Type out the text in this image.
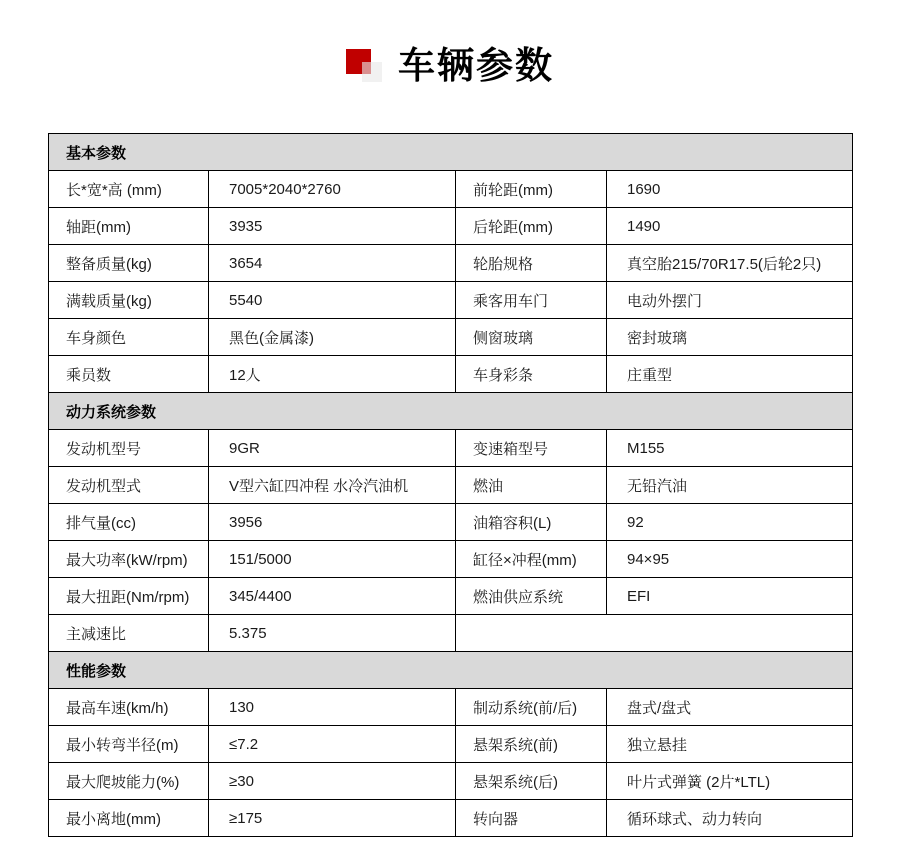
车辆参数
基本参数			
长*宽*高 (mm)	7005*2040*2760	前轮距(mm)	1690
轴距(mm)	3935	后轮距(mm)	1490
整备质量(kg)	3654	轮胎规格	真空胎215/70R17.5(后轮2只)
满载质量(kg)	5540	乘客用车门	电动外摆门
车身颜色	黑色(金属漆)	侧窗玻璃	密封玻璃
乘员数	12人	车身彩条	庄重型
动力系统参数			
发动机型号	9GR	变速箱型号	M155
发动机型式	V型六缸四冲程 水冷汽油机	燃油	无铅汽油
排气量(cc)	3956	油箱容积(L)	92
最大功率(kW/rpm)	151/5000	缸径×冲程(mm)	94×95
最大扭距(Nm/rpm)	345/4400	燃油供应系统	EFI
主减速比	5.375		
性能参数			
最高车速(km/h)	130	制动系统(前/后)	盘式/盘式
最小转弯半径(m)	≤7.2	悬架系统(前)	独立悬挂
最大爬坡能力(%)	≥30	悬架系统(后)	叶片式弹簧 (2片*LTL)
最小离地(mm)	≥175	转向器	循环球式、动力转向
